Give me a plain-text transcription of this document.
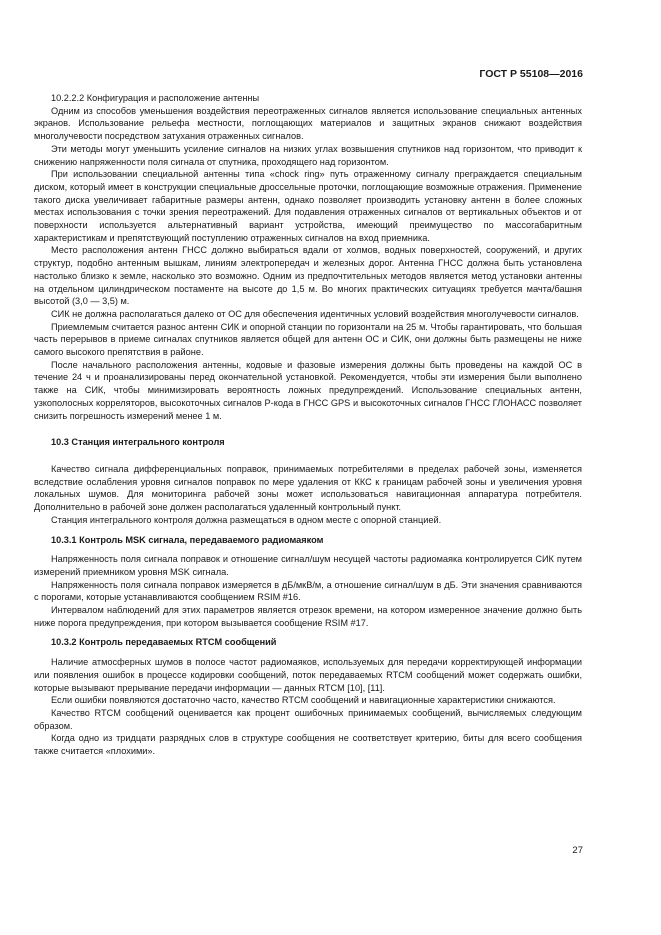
ГОСТ Р 55108—2016

10.2.2.2 Конфигурация и расположение антенны

Одним из способов уменьшения воздействия переотраженных сигналов является использование специальных антенных экранов. Использование рельефа местности, поглощающих материалов и защитных экранов снижают воздействия многолучевости посредством затухания отраженных сигналов.

Эти методы могут уменьшить усиление сигналов на низких углах возвышения спутников над горизонтом, что приводит к снижению напряженности поля сигнала от спутника, проходящего над горизонтом.

При использовании специальной антенны типа «chock ring» путь отраженному сигналу преграждается специальным диском, который имеет в конструкции специальные дроссельные проточки, поглощающие возможные отражения. Применение такого диска увеличивает габаритные размеры антенн, однако позволяет производить установку антенн в более сложных местах использования с точки зрения переотражений. Для подавления отраженных сигналов от вертикальных объектов и от поверхности используется альтернативный вариант устройства, имеющий преимущество по массогабаритным характеристикам и препятствующий поступлению отраженных сигналов на вход приемника.

Место расположения антенн ГНСС должно выбираться вдали от холмов, водных поверхностей, сооружений, и других структур, подобно антенным вышкам, линиям электропередач и железных дорог. Антенна ГНСС должна быть установлена настолько близко к земле, насколько это возможно. Одним из предпочтительных методов является метод установки антенны на отдельном цилиндрическом постаменте на высоте до 1,5 м. Во многих практических ситуациях требуется мачта/башня высотой (3,0 — 3,5) м.

СИК не должна располагаться далеко от ОС для обеспечения идентичных условий воздействия многолучевости сигналов.

Приемлемым считается разнос антенн СИК и опорной станции по горизонтали на 25 м. Чтобы гарантировать, что большая часть перерывов в приеме сигналах спутников является общей для антенн ОС и СИК, они должны быть размещены не ниже самого высокого препятствия в районе.

После начального расположения антенны, кодовые и фазовые измерения должны быть проведены на каждой ОС в течение 24 ч и проанализированы перед окончательной установкой. Рекомендуется, чтобы эти измерения были выполнено также на СИК, чтобы минимизировать вероятность ложных предупреждений. Использование специальных антенн, узкополосных корреляторов, высокоточных сигналов Р-кода в ГНСС GPS и высокоточных сигналов ГНСС ГЛОНАСС позволяет снизить погрешность измерений менее 1 м.

10.3 Станция интегрального контроля

Качество сигнала дифференциальных поправок, принимаемых потребителями в пределах рабочей зоны, изменяется вследствие ослабления уровня сигналов поправок по мере удаления от ККС к границам рабочей зоны и увеличения уровня локальных шумов. Для мониторинга рабочей зоны может использоваться навигационная аппаратура потребителя. Дополнительно в рабочей зоне должен располагаться удаленный контрольный пункт.

Станция интегрального контроля должна размещаться в одном месте с опорной станцией.

10.3.1 Контроль MSK сигнала, передаваемого радиомаяком

Напряженность поля сигнала поправок и отношение сигнал/шум несущей частоты радиомаяка контролируется СИК путем измерений приемником уровня MSK сигнала.

Напряженность поля сигнала поправок измеряется в дБ/мкВ/м, а отношение сигнал/шум в дБ. Эти значения сравниваются с порогами, которые устанавливаются сообщением RSIM #16.

Интервалом наблюдений для этих параметров является отрезок времени, на котором измеренное значение должно быть ниже порога предупреждения, при котором вызывается сообщение RSIM #17.

10.3.2 Контроль передаваемых RTCM сообщений

Наличие атмосферных шумов в полосе частот радиомаяков, используемых для передачи корректирующей информации или появления ошибок в процессе кодировки сообщений, поток передаваемых RTCM сообщений может содержать ошибки, которые вызывают прерывание передачи информации — данных RTCM [10], [11].

Если ошибки появляются достаточно часто, качество RTCM сообщений и навигационные характеристики снижаются.

Качество RTCM сообщений оценивается как процент ошибочных принимаемых сообщений, вычисляемых следующим образом.

Когда одно из тридцати разрядных слов в структуре сообщения не соответствует критерию, биты для всего сообщения также считается «плохими».

27
